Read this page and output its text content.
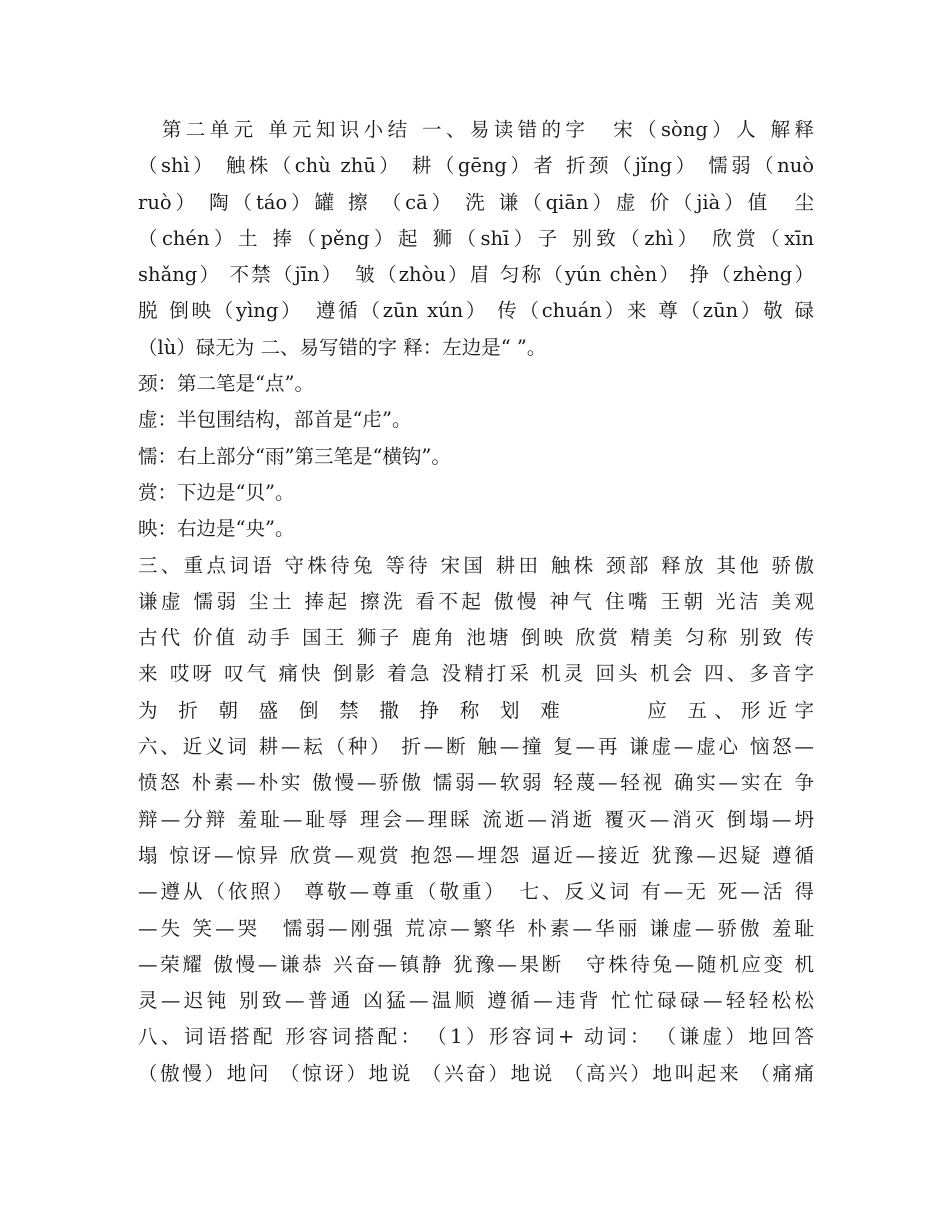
　第二单元 单元知识小结 一、易读错的字　宋（sòng）人 解释
（shì） 触株（chù zhū） 耕（gēng）者 折颈（jǐng） 懦弱（nuò
ruò） 陶（táo）罐 擦 （cā） 洗 谦（qiān）虚 价（jià）值　尘
（chén）土 捧（pěng）起 狮（shī）子 别致（zhì） 欣赏（xīn
shǎng） 不禁（jīn）　皱（zhòu）眉 匀称（yún chèn） 挣（zhèng）
脱 倒映（yìng）　遵循（zūn xún） 传（chuán）来 尊（zūn）敬 碌
（lù）碌无为 二、易写错的字 释：左边是“ ”。
颈：第二笔是“点”。
虚：半包围结构，部首是“虍”。
懦：右上部分“雨”第三笔是“横钩”。
赏：下边是“贝”。
映：右边是“央”。
三、重点词语 守株待兔 等待 宋国 耕田 触株 颈部 释放 其他 骄傲
谦虚 懦弱 尘土 捧起 擦洗 看不起 傲慢 神气 住嘴 王朝 光洁 美观
古代 价值 动手 国王 狮子 鹿角 池塘 倒映 欣赏 精美 匀称 别致 传
来 哎呀 叹气 痛快 倒影 着急 没精打采 机灵 回头 机会 四、多音字
为 折 朝 盛 倒 禁 撒 挣 称 划 难　　　应 五、形近字
六、近义词 耕—耘（种） 折—断 触—撞 复—再 谦虚—虚心 恼怒—
愤怒 朴素—朴实 傲慢—骄傲 懦弱—软弱 轻蔑—轻视 确实—实在 争
辩—分辩 羞耻—耻辱 理会—理睬 流逝—消逝 覆灭—消灭 倒塌—坍
塌 惊讶—惊异 欣赏—观赏 抱怨—埋怨 逼近—接近 犹豫—迟疑 遵循
—遵从（依照） 尊敬—尊重（敬重）　七、反义词 有—无 死—活 得
—失 笑—哭　懦弱—刚强 荒凉—繁华 朴素—华丽 谦虚—骄傲 羞耻
—荣耀 傲慢—谦恭 兴奋—镇静 犹豫—果断　守株待兔—随机应变 机
灵—迟钝 别致—普通 凶猛—温顺 遵循—违背 忙忙碌碌—轻轻松松
八、词语搭配 形容词搭配：　（1）形容词+ 动词：　（谦虚）地回答
（傲慢）地问 （惊讶）地说 （兴奋）地说 （高兴）地叫起来 （痛痛
